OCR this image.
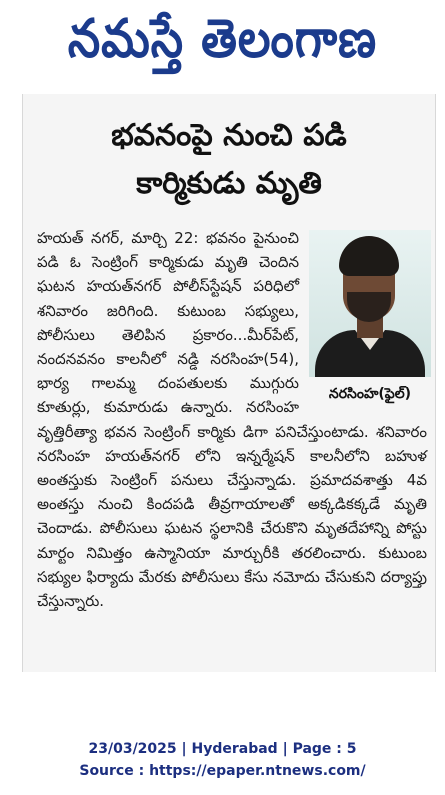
నమస్తే తెలంగాణ
భవనంపై నుంచి పడి
కార్మికుడు మృతి
నరసింహ(ఫైల్)

హయత్ నగర్, మార్చి 22: భవనం పైనుంచి పడి ఓ సెంట్రింగ్ కార్మికుడు మృతి చెందిన ఘటన హయత్‌నగర్ పోలీస్‌స్టేషన్ పరిధిలో శనివారం జరిగింది. కుటుంబ సభ్యులు, పోలీసులు తెలిపిన ప్రకారం...మీర్‌పేట్, నందనవనం కాలనీలో నడ్డి నరసింహ(54), భార్య గాలమ్మ దంపతులకు ముగ్గురు కూతుర్లు, కుమారుడు ఉన్నారు. నరసింహ వృత్తిరీత్యా భవన సెంట్రింగ్ కార్మికు డిగా పనిచేస్తుంటాడు. శనివారం నరసింహ హయత్‌నగర్ లోని ఇన్నర్మేషన్ కాలనీలోని బహుళ అంతస్తుకు సెంట్రింగ్ పనులు చేస్తున్నాడు. ప్రమాదవశాత్తు 4వ అంతస్తు నుంచి కిందపడి తీవ్రగాయాలతో అక్కడికక్కడే మృతి చెందాడు. పోలీసులు ఘటన స్థలానికి చేరుకొని మృతదేహాన్ని పోస్టు మార్టం నిమిత్తం ఉస్మానియా మార్చురీకి తరలించారు. కుటుంబ సభ్యుల ఫిర్యాదు మేరకు పోలీసులు కేసు నమోదు చేసుకుని దర్యాప్తు చేస్తున్నారు.

23/03/2025 | Hyderabad | Page : 5
Source : https://epaper.ntnews.com/
